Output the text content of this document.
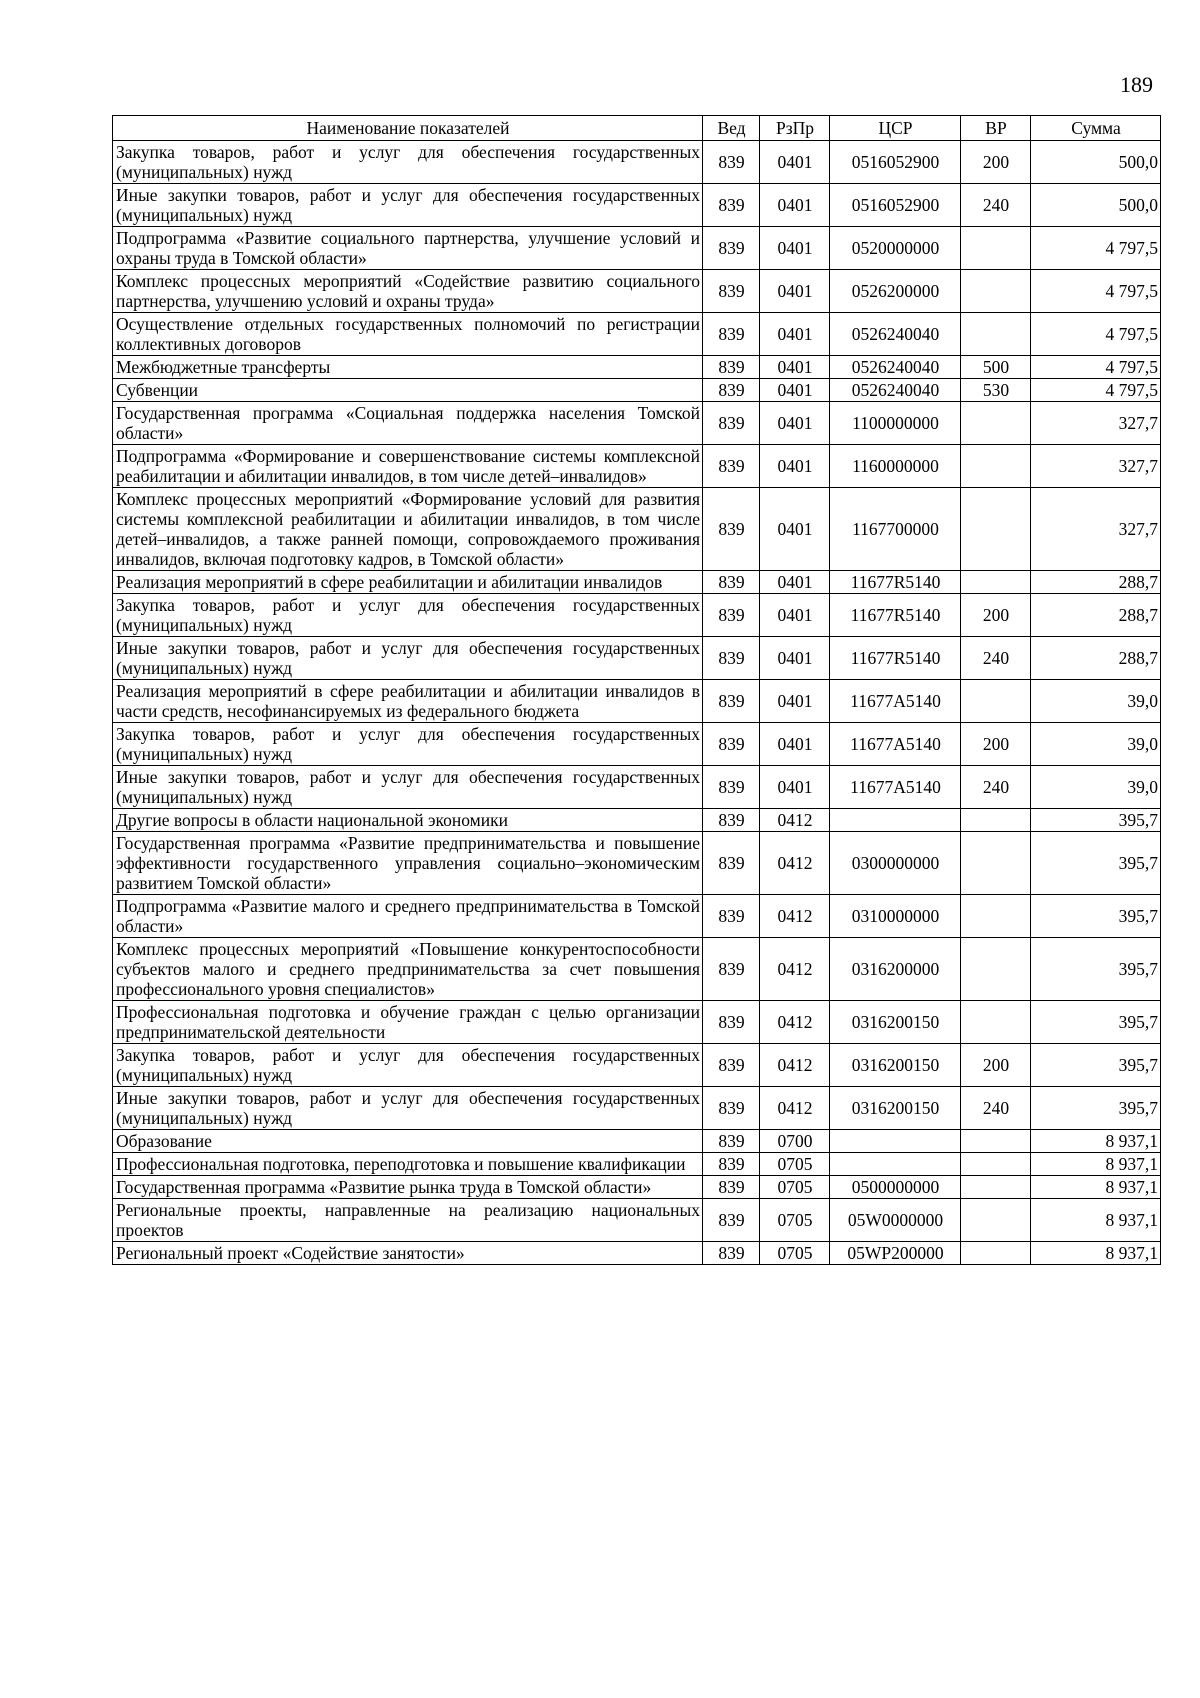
189
Наименование показателей	Вед	РзПр	ЦСР	ВР	Сумма
Закупка товаров, работ и услуг для обеспечения государственных (муниципальных) нужд	839	0401	0516052900	200	500,0
Иные закупки товаров, работ и услуг для обеспечения государственных (муниципальных) нужд	839	0401	0516052900	240	500,0
Подпрограмма «Развитие социального партнерства, улучшение условий и охраны труда в Томской области»	839	0401	0520000000		4 797,5
Комплекс процессных мероприятий «Содействие развитию социального партнерства, улучшению условий и охраны труда»	839	0401	0526200000		4 797,5
Осуществление отдельных государственных полномочий по регистрации коллективных договоров	839	0401	0526240040		4 797,5
Межбюджетные трансферты	839	0401	0526240040	500	4 797,5
Субвенции	839	0401	0526240040	530	4 797,5
Государственная программа «Социальная поддержка населения Томской области»	839	0401	1100000000		327,7
Подпрограмма «Формирование и совершенствование системы комплексной реабилитации и абилитации инвалидов, в том числе детей–инвалидов»	839	0401	1160000000		327,7
Комплекс процессных мероприятий «Формирование условий для развития системы комплексной реабилитации и абилитации инвалидов, в том числе детей–инвалидов, а также ранней помощи, сопровождаемого проживания инвалидов, включая подготовку кадров, в Томской области»	839	0401	1167700000		327,7
Реализация мероприятий в сфере реабилитации и абилитации инвалидов	839	0401	11677R5140		288,7
Закупка товаров, работ и услуг для обеспечения государственных (муниципальных) нужд	839	0401	11677R5140	200	288,7
Иные закупки товаров, работ и услуг для обеспечения государственных (муниципальных) нужд	839	0401	11677R5140	240	288,7
Реализация мероприятий в сфере реабилитации и абилитации инвалидов в части средств, несофинансируемых из федерального бюджета	839	0401	11677A5140		39,0
Закупка товаров, работ и услуг для обеспечения государственных (муниципальных) нужд	839	0401	11677A5140	200	39,0
Иные закупки товаров, работ и услуг для обеспечения государственных (муниципальных) нужд	839	0401	11677A5140	240	39,0
Другие вопросы в области национальной экономики	839	0412			395,7
Государственная программа «Развитие предпринимательства и повышение эффективности государственного управления социально–экономическим развитием Томской области»	839	0412	0300000000		395,7
Подпрограмма «Развитие малого и среднего предпринимательства в Томской области»	839	0412	0310000000		395,7
Комплекс процессных мероприятий «Повышение конкурентоспособности субъектов малого и среднего предпринимательства за счет повышения профессионального уровня специалистов»	839	0412	0316200000		395,7
Профессиональная подготовка и обучение граждан с целью организации предпринимательской деятельности	839	0412	0316200150		395,7
Закупка товаров, работ и услуг для обеспечения государственных (муниципальных) нужд	839	0412	0316200150	200	395,7
Иные закупки товаров, работ и услуг для обеспечения государственных (муниципальных) нужд	839	0412	0316200150	240	395,7
Образование	839	0700			8 937,1
Профессиональная подготовка, переподготовка и повышение квалификации	839	0705			8 937,1
Государственная программа «Развитие рынка труда в Томской области»	839	0705	0500000000		8 937,1
Региональные проекты, направленные на реализацию национальных проектов	839	0705	05W0000000		8 937,1
Региональный проект «Содействие занятости»	839	0705	05WP200000		8 937,1
